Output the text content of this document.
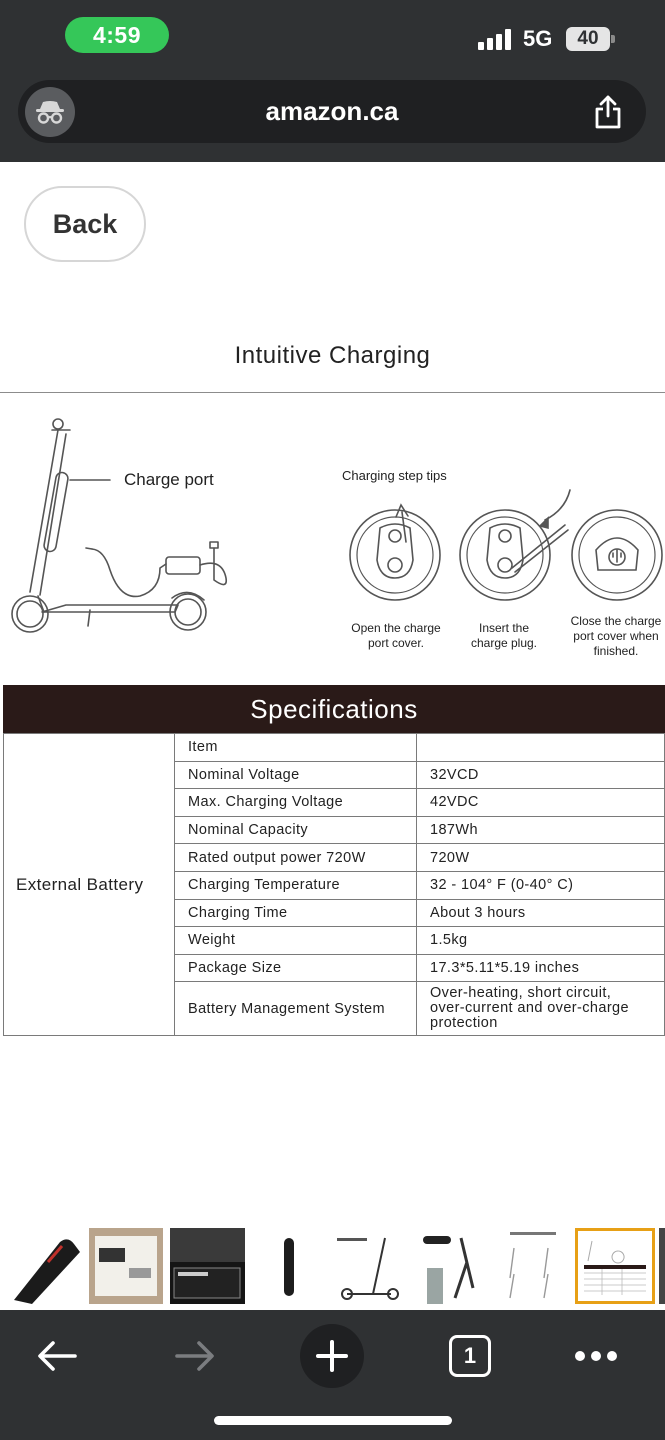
4:59	5G	40
amazon.ca
Back
Intuitive Charging
Charge port	Charging step tips
Open the charge
port cover.
Insert the
charge plug.
Close the charge
port cover when
finished.
Specifications
External Battery	Item	
	Nominal Voltage	32VCD
	Max. Charging Voltage	42VDC
	Nominal Capacity	187Wh
	Rated output power 720W	720W
	Charging Temperature	32 - 104° F (0-40° C)
	Charging Time	About 3 hours
	Weight	1.5kg
	Package Size	17.3*5.11*5.19 inches
	Battery Management System	Over-heating, short circuit,
over-current and over-charge
protection
1
